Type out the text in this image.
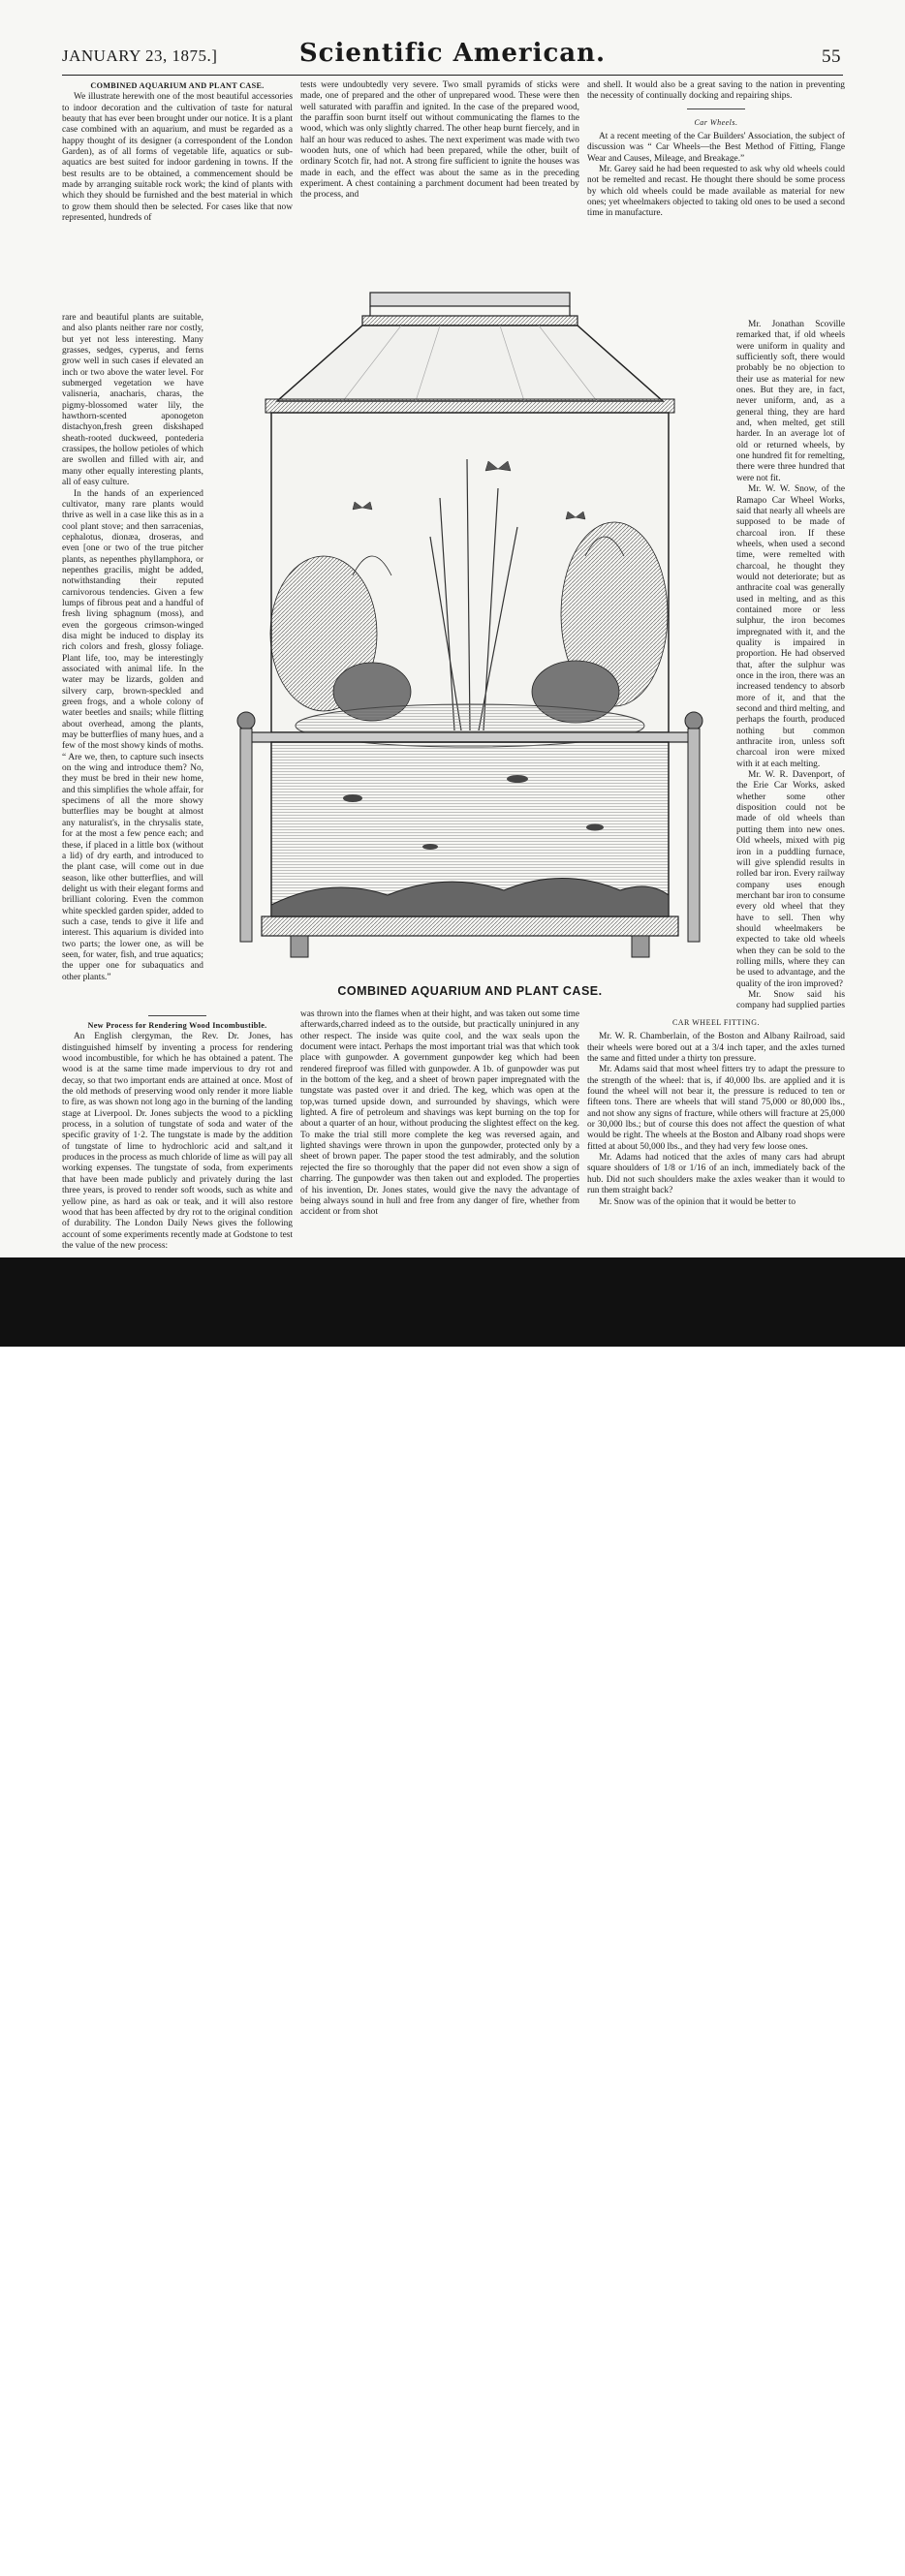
JANUARY 23, 1875.]	Scientific American.	55

COMBINED AQUARIUM AND PLANT CASE.

We illustrate herewith one of the most beautiful accessories to indoor decoration and the cultivation of taste for natural beauty that has ever been brought under our notice. It is a plant case combined with an aquarium, and must be regarded as a happy thought of its designer (a correspondent of the London Garden), as of all forms of vegetable life, aquatics or sub-aquatics are best suited for indoor gardening in towns. If the best results are to be obtained, a commencement should be made by arranging suitable rock work; the kind of plants with which they should be furnished and the best material in which to grow them should then be selected. For cases like that now represented, hundreds of

rare and beautiful plants are suitable, and also plants neither rare nor costly, but yet not less interesting. Many grasses, sedges, cyperus, and ferns grow well in such cases if elevated an inch or two above the water level. For submerged vegetation we have valisneria, anacharis, charas, the pigmy-blossomed water lily, the hawthorn-scented aponogeton distachyon,fresh green diskshaped sheath-rooted duckweed, pontederia crassipes, the hollow petioles of which are swollen and filled with air, and many other equally interesting plants, all of easy culture.

In the hands of an experienced cultivator, many rare plants would thrive as well in a case like this as in a cool plant stove; and then sarracenias, cephalotus, dionæa, droseras, and even [one or two of the true pitcher plants, as nepenthes phyllamphora, or nepenthes gracilis, might be added, notwithstanding their reputed carnivorous tendencies. Given a few lumps of fibrous peat and a handful of fresh living sphagnum (moss), and even the gorgeous crimson-winged disa might be induced to display its rich colors and fresh, glossy foliage. Plant life, too, may be interestingly associated with animal life. In the water may be lizards, golden and silvery carp, brown-speckled and green frogs, and a whole colony of water beetles and snails; while flitting about overhead, among the plants, may be butterflies of many hues, and a few of the most showy kinds of moths. “ Are we, then, to capture such insects on the wing and introduce them? No, they must be bred in their new home, and this simplifies the whole affair, for specimens of all the more showy butterflies may be bought at almost any naturalist's, in the chrysalis state, for at the most a few pence each; and these, if placed in a little box (without a lid) of dry earth, and introduced to the plant case, will come out in due season, like other butterflies, and will delight us with their elegant forms and brilliant coloring. Even the common white speckled garden spider, added to such a case, tends to give it life and interest. This aquarium is divided into two parts; the lower one, as will be seen, for water, fish, and true aquatics; the upper one for subaquatics and other plants.”

New Process for Rendering Wood Incombustible.

An English clergyman, the Rev. Dr. Jones, has distinguished himself by inventing a process for rendering wood incombustible, for which he has obtained a patent. The wood is at the same time made impervious to dry rot and decay, so that two important ends are attained at once. Most of the old methods of preserving wood only render it more liable to fire, as was shown not long ago in the burning of the landing stage at Liverpool. Dr. Jones subjects the wood to a pickling process, in a solution of tungstate of soda and water of the specific gravity of 1·2. The tungstate is made by the addition of tungstate of lime to hydrochloric acid and salt,and it produces in the process as much chloride of lime as will pay all working expenses. The tungstate of soda, from experiments that have been made publicly and privately during the last three years, is proved to render soft woods, such as white and yellow pine, as hard as oak or teak, and it will also restore wood that has been affected by dry rot to the original condition of durability. The London Daily News gives the following account of some experiments recently made at Godstone to test the value of the new process:

tests were undoubtedly very severe. Two small pyramids of sticks were made, one of prepared and the other of unprepared wood. These were then well saturated with paraffin and ignited. In the case of the prepared wood, the paraffin soon burnt itself out without communicating the flames to the wood, which was only slightly charred. The other heap burnt fiercely, and in half an hour was reduced to ashes. The next experiment was made with two wooden huts, one of which had been prepared, while the other, built of ordinary Scotch fir, had not. A strong fire sufficient to ignite the houses was made in each, and the effect was about the same as in the preceding experiment. A chest containing a parchment document had been treated by the process, and

was thrown into the flames when at their hight, and was taken out some time afterwards,charred indeed as to the outside, but practically uninjured in any other respect. The inside was quite cool, and the wax seals upon the document were intact. Perhaps the most important trial was that which took place with gunpowder. A government gunpowder keg which had been rendered fireproof was filled with gunpowder. A 1b. of gunpowder was put in the bottom of the keg, and a sheet of brown paper impregnated with the tungstate was pasted over it and dried. The keg, which was open at the top,was turned upside down, and surrounded by shavings, which were lighted. A fire of petroleum and shavings was kept burning on the top for about a quarter of an hour, without producing the slightest effect on the keg. To make the trial still more complete the keg was reversed again, and lighted shavings were thrown in upon the gunpowder, protected only by a sheet of brown paper. The paper stood the test admirably, and the solution rejected the fire so thoroughly that the paper did not even show a sign of charring. The gunpowder was then taken out and exploded. The properties of his invention, Dr. Jones states, would give the navy the advantage of being always sound in hull and free from any danger of fire, whether from accident or from shot

and shell. It would also be a great saving to the nation in preventing the necessity of continually docking and repairing ships.

Car Wheels.

At a recent meeting of the Car Builders' Association, the subject of discussion was “ Car Wheels—the Best Method of Fitting, Flange Wear and Causes, Mileage, and Breakage.”

Mr. Garey said he had been requested to ask why old wheels could not be remelted and recast. He thought there should be some process by which old wheels could be made available as material for new ones; yet wheelmakers objected to taking old ones to be used a second time in manufacture.

Mr. Jonathan Scoville remarked that, if old wheels were uniform in quality and sufficiently soft, there would probably be no objection to their use as material for new ones. But they are, in fact, never uniform, and, as a general thing, they are hard and, when melted, get still harder. In an average lot of old or returned wheels, by one hundred fit for remelting, there were three hundred that were not fit.

Mr. W. W. Snow, of the Ramapo Car Wheel Works, said that nearly all wheels are supposed to be made of charcoal iron. If these wheels, when used a second time, were remelted with charcoal, he thought they would not deteriorate; but as anthracite coal was generally used in melting, and as this contained more or less sulphur, the iron becomes impregnated with it, and the quality is impaired in proportion. He had observed that, after the sulphur was once in the iron, there was an increased tendency to absorb more of it, and that the second and third melting, and perhaps the fourth, produced nothing but common anthracite iron, unless soft charcoal iron were mixed with it at each melting.

Mr. W. R. Davenport, of the Erie Car Works, asked whether some other disposition could not be made of old wheels than putting them into new ones. Old wheels, mixed with pig iron in a puddling furnace, will give splendid results in rolled bar iron. Every railway company uses enough merchant bar iron to consume every old wheel that they have to sell. Then why should wheelmakers be expected to take old wheels when they can be sold to the rolling mills, where they can be used to advantage, and the quality of the iron improved?

Mr. Snow said his company had supplied parties

CAR WHEEL FITTING.

Mr. W. R. Chamberlain, of the Boston and Albany Railroad, said their wheels were bored out at a 3/4 inch taper, and the axles turned the same and fitted under a thirty ton pressure.

Mr. Adams said that most wheel fitters try to adapt the pressure to the strength of the wheel: that is, if 40,000 lbs. are applied and it is found the wheel will not bear it, the pressure is reduced to ten or fifteen tons. There are wheels that will stand 75,000 or 80,000 lbs., and not show any signs of fracture, while others will fracture at 25,000 or 30,000 lbs.; but of course this does not affect the question of what would be right. The wheels at the Boston and Albany road shops were fitted at about 50,000 lbs., and they had very few loose ones.

Mr. Adams had noticed that the axles of many cars had abrupt square shoulders of 1/8 or 1/16 of an inch, immediately back of the hub. Did not such shoulders make the axles weaker than it would to run them straight back?

Mr. Snow was of the opinion that it would be better to

COMBINED AQUARIUM AND PLANT CASE.
alamy	2ABWCT7
